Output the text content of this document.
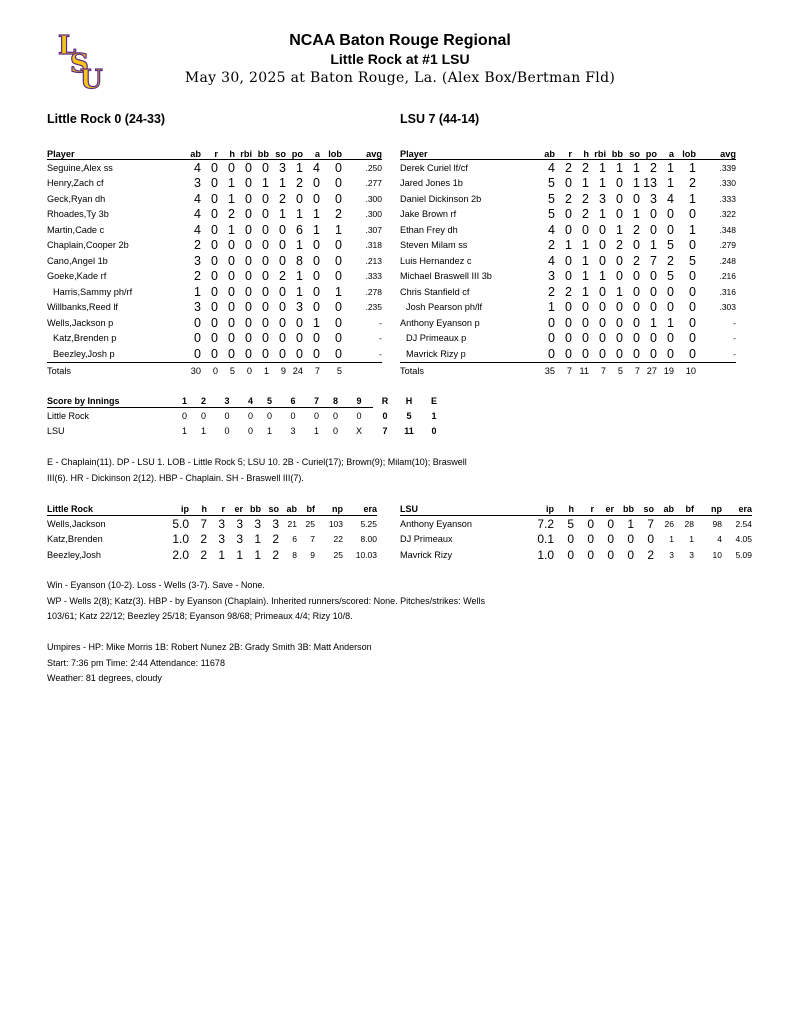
L
S
U
NCAA Baton Rouge Regional
Little Rock at #1 LSU
May 30, 2025 at Baton Rouge, La. (Alex Box/Bertman Fld)
Little Rock 0 (24-33)	LSU 7 (44-14)
Player	ab	r	h	rbi	bb	so	po	a	lob	avg
Seguine,Alex ss	4	0	0	0	0	3	1	4	0	.250
Henry,Zach cf	3	0	1	0	1	1	2	0	0	.277
Geck,Ryan dh	4	0	1	0	0	2	0	0	0	.300
Rhoades,Ty 3b	4	0	2	0	0	1	1	1	2	.300
Martin,Cade c	4	0	1	0	0	0	6	1	1	.307
Chaplain,Cooper 2b	2	0	0	0	0	0	1	0	0	.318
Cano,Angel 1b	3	0	0	0	0	0	8	0	0	.213
Goeke,Kade rf	2	0	0	0	0	2	1	0	0	.333
Harris,Sammy ph/rf	1	0	0	0	0	0	1	0	1	.278
Willbanks,Reed lf	3	0	0	0	0	0	3	0	0	.235
Wells,Jackson p	0	0	0	0	0	0	0	1	0	-
Katz,Brenden p	0	0	0	0	0	0	0	0	0	-
Beezley,Josh p	0	0	0	0	0	0	0	0	0	-
Totals	30	0	5	0	1	9	24	7	5	
Player	ab	r	h	rbi	bb	so	po	a	lob	avg
Derek Curiel lf/cf	4	2	2	1	1	1	2	1	1	.339
Jared Jones 1b	5	0	1	1	0	1	13	1	2	.330
Daniel Dickinson 2b	5	2	2	3	0	0	3	4	1	.333
Jake Brown rf	5	0	2	1	0	1	0	0	0	.322
Ethan Frey dh	4	0	0	0	1	2	0	0	1	.348
Steven Milam ss	2	1	1	0	2	0	1	5	0	.279
Luis Hernandez c	4	0	1	0	0	2	7	2	5	.248
Michael Braswell III 3b	3	0	1	1	0	0	0	5	0	.216
Chris Stanfield cf	2	2	1	0	1	0	0	0	0	.316
Josh Pearson ph/lf	1	0	0	0	0	0	0	0	0	.303
Anthony Eyanson p	0	0	0	0	0	0	1	1	0	-
DJ Primeaux p	0	0	0	0	0	0	0	0	0	-
Mavrick Rizy p	0	0	0	0	0	0	0	0	0	-
Totals	35	7	11	7	5	7	27	19	10	
Score by Innings	1	2	3	4	5	6	7	8	9	R	H	E
Little Rock	0	0	0	0	0	0	0	0	0	0	5	1
LSU	1	1	0	0	1	3	1	0	X	7	11	0
E - Chaplain(11). DP - LSU 1. LOB - Little Rock 5; LSU 10. 2B - Curiel(17); Brown(9); Milam(10); Braswell
III(6). HR - Dickinson 2(12). HBP - Chaplain. SH - Braswell III(7).
Little Rock	ip	h	r	er	bb	so	ab	bf	np	era
Wells,Jackson	5.0	7	3	3	3	3	21	25	103	5.25
Katz,Brenden	1.0	2	3	3	1	2	6	7	22	8.00
Beezley,Josh	2.0	2	1	1	1	2	8	9	25	10.03
LSU	ip	h	r	er	bb	so	ab	bf	np	era
Anthony Eyanson	7.2	5	0	0	1	7	26	28	98	2.54
DJ Primeaux	0.1	0	0	0	0	0	1	1	4	4.05
Mavrick Rizy	1.0	0	0	0	0	2	3	3	10	5.09
Win - Eyanson (10-2). Loss - Wells (3-7). Save - None.
WP - Wells 2(8); Katz(3). HBP - by Eyanson (Chaplain). Inherited runners/scored: None. Pitches/strikes: Wells
103/61; Katz 22/12; Beezley 25/18; Eyanson 98/68; Primeaux 4/4; Rizy 10/8.
Umpires - HP: Mike Morris 1B: Robert Nunez 2B: Grady Smith 3B: Matt Anderson
Start: 7:36 pm Time: 2:44 Attendance: 11678
Weather: 81 degrees, cloudy
